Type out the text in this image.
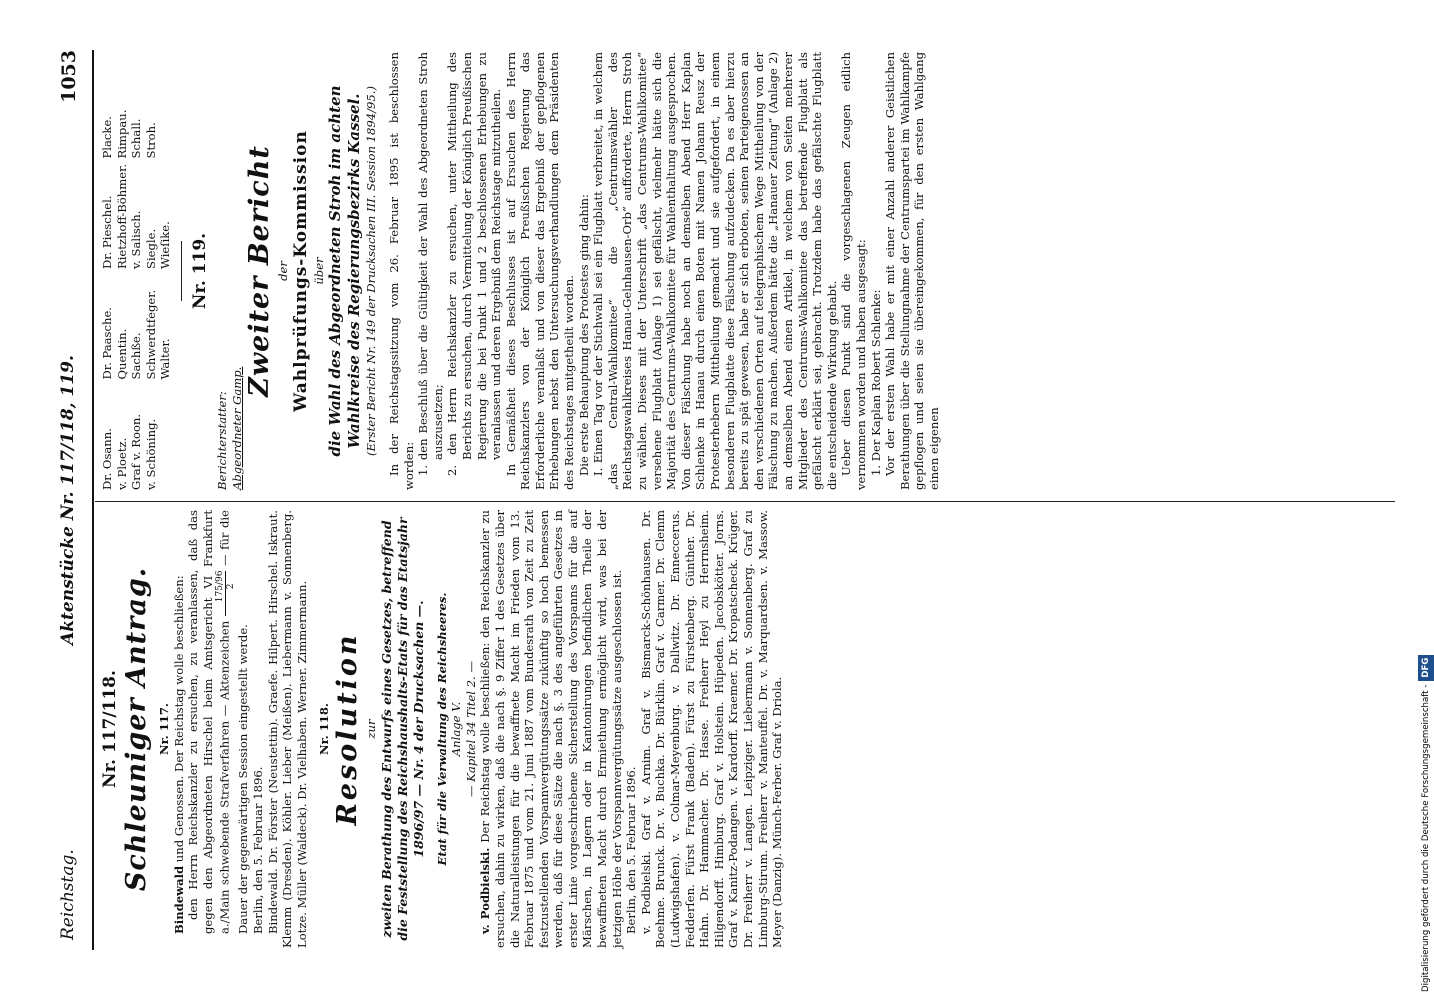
Reichstag.
Aktenstücke Nr. 117/118, 119.
1053
Nr. 117/118. Schleuniger Antrag. Nr. 117.

Bindewald und Genossen. Der Reichstag wolle beschließen: den Herrn Reichskanzler zu ersuchen, zu veranlassen, daß das gegen den Abgeordneten Hirschel beim Amtsgericht VI Frankfurt a./Main schwebende Strafverfahren — Aktenzeichen
175/96 2
— für die Dauer der gegenwärtigen Session eingestellt werde. Berlin, den 5. Februar 1896. Bindewald. Dr. Förster (Neustettin). Graefe. Hilpert. Hirschel. Iskraut. Klemm (Dresden). Köhler. Lieber (Meißen). Liebermann v. Sonnenberg. Lotze. Müller (Waldeck). Dr. Vielhaben. Werner. Zimmermann. Nr. 118. Resolution zur zweiten Berathung des Entwurfs eines Gesetzes, betreffend die Feststellung des Reichshaushalts-Etats für das Etatsjahr 1896/97 — Nr. 4 der Drucksachen —. Etat für die Verwaltung des Reichsheeres. Anlage V. — Kapitel 34 Titel 2. —

v. Podbielski. Der Reichstag wolle beschließen: den Reichskanzler zu ersuchen, dahin zu wirken, daß die nach §. 9 Ziffer 1 des Gesetzes über die Naturalleistungen für die bewaffnete Macht im Frieden vom 13. Februar 1875 und vom 21. Juni 1887 vom Bundesrath von Zeit zu Zeit festzustellenden Vorspannvergütungssätze zukünftig so hoch bemessen werden, daß für diese Sätze die nach §. 3 des angeführten Gesetzes in erster Linie vorgeschriebene Sicherstellung des Vorspanns für die auf Märschen, in Lagern oder in Kantonirungen befindlichen Theile der bewaffneten Macht durch Ermiethung ermöglicht wird, was bei der jetzigen Höhe der Vorspannvergütungssätze ausgeschlossen ist. Berlin, den 5. Februar 1896. v. Podbielski. Graf v. Arnim. Graf v. Bismarck-Schönhausen. Dr. Boehme. Brunck. Dr. v. Buchka. Dr. Bürklin. Graf v. Carmer. Dr. Clemm (Ludwigshafen). v. Colmar-Meyenburg. v. Dallwitz. Dr. Enneccerus. Fedderſen. Fürst Frank (Baden). Fürst zu Fürstenberg. Günther. Dr. Hahn. Dr. Hammacher. Dr. Hasse. Freiherr Heyl zu Herrnsheim. Hilgendorff. Himburg. Graf v. Holstein. Hüpeden. Jacobskötter. Jorns. Graf v. Kanitz-Podangen. v. Kardorff. Kraemer. Dr. Kropatscheck. Krüger. Dr. Freiherr v. Langen. Leipziger. Liebermann v. Sonnenberg. Graf zu Limburg-Stirum. Freiherr v. Manteuffel. Dr. v. Marquardsen. v. Massow. Meyer (Danzig). Münch-Ferber. Graf v. Driola.

Dr. Osann.
Dr. Paasche.
Dr. Pieschel.
Placke.
v. Ploetz.
Quentin.
Rietzhoff-Böhmer.
Rimpau.
Graf v. Roon.
Sachße.
v. Salisch.
Schall.
v. Schöning.
Schwerdtfeger.
Siegle.
Stroh.
Walter.
Wieſike. Nr. 119.
Berichterstatter: Abgeordneter Gamp.
Zweiter Bericht der Wahlprüfungs-Kommission über die Wahl des Abgeordneten Stroh im achten Wahlkreise des Regierungsbezirks Kassel. (Erster Bericht Nr. 149 der Drucksachen III. Session 1894/95.) In der Reichstagssitzung vom 26. Februar 1895 ist beschlossen worden: 1. den Beschluß über die Gültigkeit der Wahl des Abgeordneten Stroh auszusetzen; 2. den Herrn Reichskanzler zu ersuchen, unter Mittheilung des Berichts zu ersuchen, durch Vermittelung der Königlich Preußischen Regierung die bei Punkt 1 und 2 beschlossenen Erhebungen zu veranlassen und deren Ergebniß dem Reichstage mitzutheilen. In Gemäßheit dieses Beschlusses ist auf Ersuchen des Herrn Reichskanzlers von der Königlich Preußischen Regierung das Erforderliche veranlaßt und von dieser das Ergebniß der gepflogenen Erhebungen nebst den Untersuchungsverhandlungen dem Präsidenten des Reichstages mitgetheilt worden. Die erste Behauptung des Protestes ging dahin: I. Einen Tag vor der Stichwahl sei ein Flugblatt verbreitet, in welchem „das Central-Wahlkomitee“ die „Centrumswähler des Reichstagswahlkreises Hanau-Gelnhausen-Orb“ aufforderte, Herrn Stroh zu wählen. Dieses mit der Unterschrift „das Centrums-Wahlkomitee“ versehene Flugblatt (Anlage 1) sei gefälscht, vielmehr hätte sich die Majorität des Centrums-Wahlkomitee für Wahlenthaltung ausgesprochen. Von dieser Fälschung habe noch an demselben Abend Herr Kaplan Schlenke in Hanau durch einen Boten mit Namen Johann Reusz der Protesterhebern Mittheilung gemacht und sie aufgefordert, in einem besonderen Flugblatte diese Fälschung aufzudecken. Da es aber hierzu bereits zu spät gewesen, habe er sich erboten, seinen Parteigenossen an den verschiedenen Orten auf telegraphischem Wege Mittheilung von der Fälschung zu machen. Außerdem hätte die „Hanauer Zeitung“ (Anlage 2) an demselben Abend einen Artikel, in welchem von Seiten mehrerer Mitglieder des Centrums-Wahlkomitee das betreffende Flugblatt als gefälscht erklärt sei, gebracht. Trotzdem habe das gefälschte Flugblatt die entscheidende Wirkung gehabt. Ueber diesen Punkt sind die vorgeschlagenen Zeugen eidlich vernommen worden und haben ausgesagt: 1. Der Kaplan Robert Schlenke: Vor der ersten Wahl habe er mit einer Anzahl anderer Geistlichen Berathungen über die Stellungnahme der Centrumspartei im Wahlkampfe gepflogen und seien sie übereingekommen, für den ersten Wahlgang einen eigenen

Digitalisierung gefördert durch die Deutsche Forschungsgemeinschaft -DFG
